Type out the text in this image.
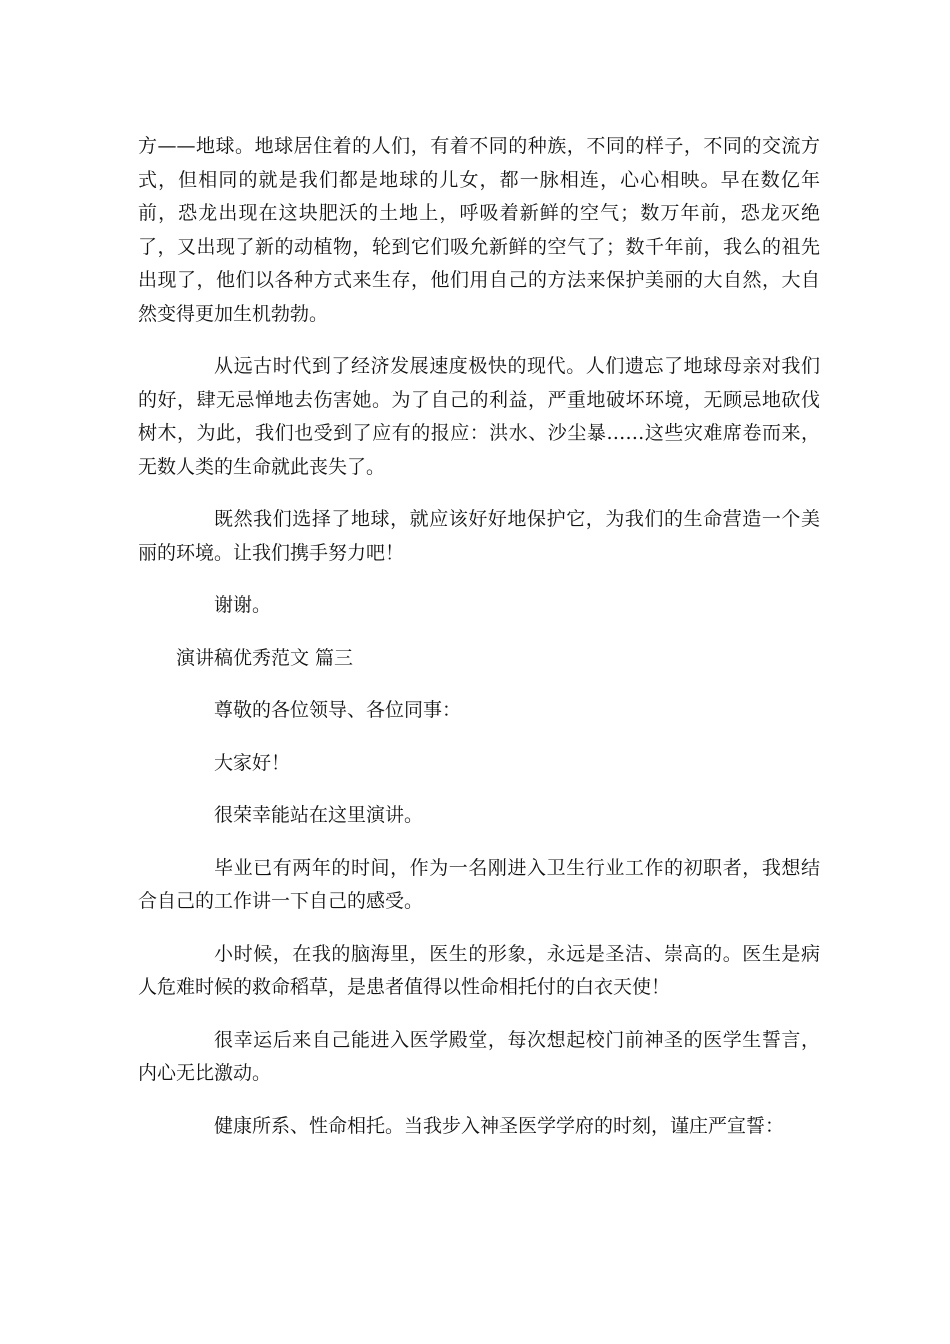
方——地球。地球居住着的人们，有着不同的种族，不同的样子，不同的交流方式，但相同的就是我们都是地球的儿女，都一脉相连，心心相映。早在数亿年前，恐龙出现在这块肥沃的土地上，呼吸着新鲜的空气；数万年前，恐龙灭绝了，又出现了新的动植物，轮到它们吸允新鲜的空气了；数千年前，我么的祖先出现了，他们以各种方式来生存，他们用自己的方法来保护美丽的大自然，大自然变得更加生机勃勃。

从远古时代到了经济发展速度极快的现代。人们遗忘了地球母亲对我们的好，肆无忌惮地去伤害她。为了自己的利益，严重地破坏环境，无顾忌地砍伐树木，为此，我们也受到了应有的报应：洪水、沙尘暴……这些灾难席卷而来，无数人类的生命就此丧失了。

既然我们选择了地球，就应该好好地保护它，为我们的生命营造一个美丽的环境。让我们携手努力吧！

谢谢。

演讲稿优秀范文 篇三

尊敬的各位领导、各位同事：

大家好！

很荣幸能站在这里演讲。

毕业已有两年的时间，作为一名刚进入卫生行业工作的初职者，我想结合自己的工作讲一下自己的感受。

小时候，在我的脑海里，医生的形象，永远是圣洁、崇高的。医生是病人危难时候的救命稻草，是患者值得以性命相托付的白衣天使！

很幸运后来自己能进入医学殿堂，每次想起校门前神圣的医学生誓言，内心无比激动。

健康所系、性命相托。当我步入神圣医学学府的时刻，谨庄严宣誓：
